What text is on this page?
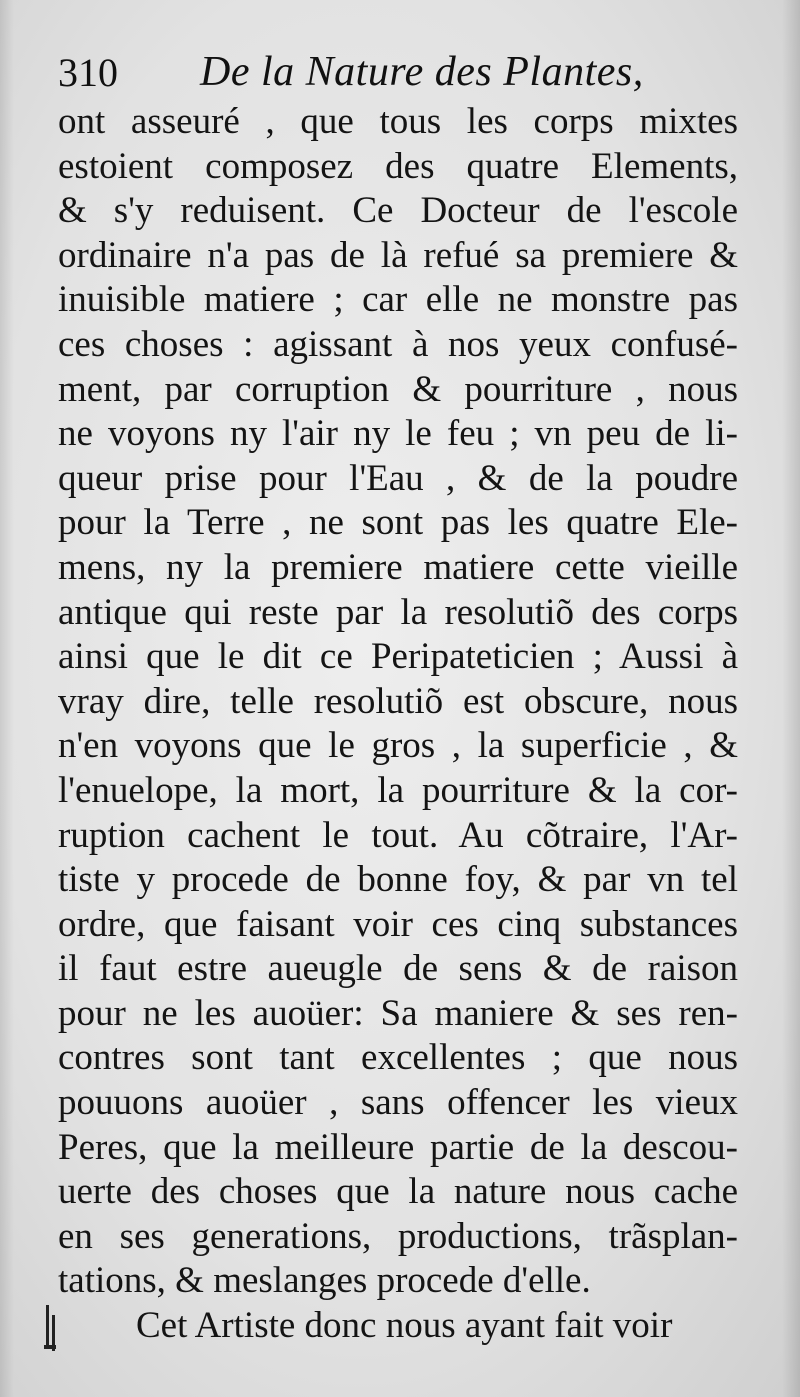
310 De la Nature des Plantes,
ont asseuré , que tous les corps mixtes
estoient composez des quatre Elements,
& s'y reduisent. Ce Docteur de l'escole
ordinaire n'a pas de là refué sa premiere &
inuisible matiere ; car elle ne monstre pas
ces choses : agissant à nos yeux confusé-
ment, par corruption & pourriture , nous
ne voyons ny l'air ny le feu ; vn peu de li-
queur prise pour l'Eau , & de la poudre
pour la Terre , ne sont pas les quatre Ele-
mens, ny la premiere matiere cette vieille
antique qui reste par la resolutiõ des corps
ainsi que le dit ce Peripateticien ; Aussi à
vray dire, telle resolutiõ est obscure, nous
n'en voyons que le gros , la superficie , &
l'enuelope, la mort, la pourriture & la cor-
ruption cachent le tout. Au cõtraire, l'Ar-
tiste y procede de bonne foy, & par vn tel
ordre, que faisant voir ces cinq substances
il faut estre aueugle de sens & de raison
pour ne les auoüer: Sa maniere & ses ren-
contres sont tant excellentes ; que nous
pouuons auoüer , sans offencer les vieux
Peres, que la meilleure partie de la descou-
uerte des choses que la nature nous cache
en ses generations, productions, trãsplan-
tations, & meslanges procede d'elle.
Cet Artiste donc nous ayant fait voir
